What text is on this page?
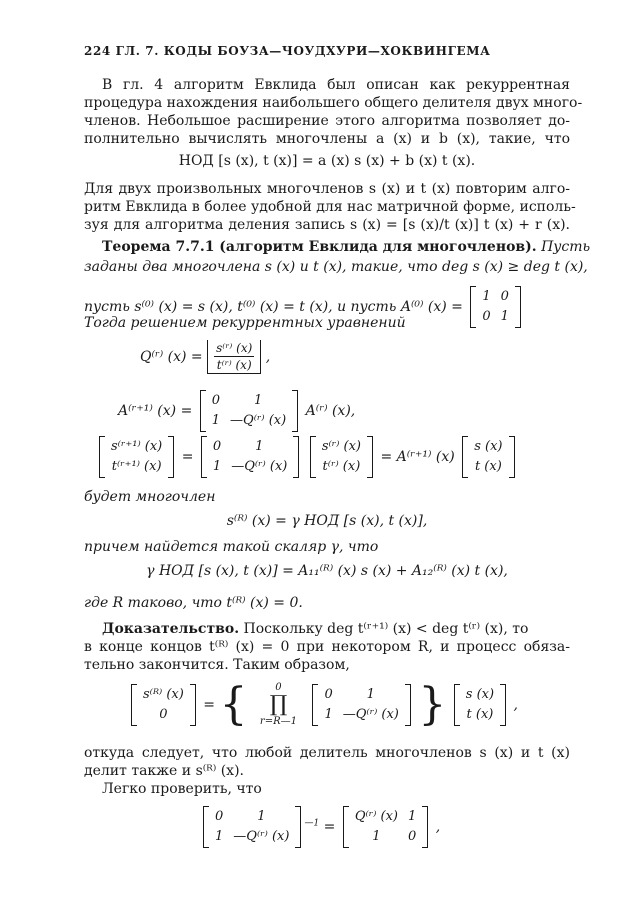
224 ГЛ. 7. КОДЫ БОУЗА—ЧОУДХУРИ—ХОКВИНГЕМА
В гл. 4 алгоритм Евклида был описан как рекуррентная
процедура нахождения наибольшего общего делителя двух много-
членов. Небольшое расширение этого алгоритма позволяет до-
полнительно вычислять многочлены a (x) и b (x), такие, что
НОД [s (x), t (x)] = a (x) s (x) + b (x) t (x).
Для двух произвольных многочленов s (x) и t (x) повторим алго-
ритм Евклида в более удобной для нас матричной форме, исполь-
зуя для алгоритма деления запись s (x) = [s (x)/t (x)] t (x) + r (x).
Теорема 7.7.1 (алгоритм Евклида для многочленов). Пусть
заданы два многочлена s (x) и t (x), такие, что deg s (x) ≥ deg t (x),
пусть s⁽⁰⁾ (x) = s (x), t⁽⁰⁾ (x) = t (x), и пусть A⁽⁰⁾ (x) =
1	0
0	1
Тогда решением рекуррентных уравнений
Q⁽ʳ⁾ $(x) = \frac{\text{s⁽ʳ⁾ (x)}}{\text{t⁽ʳ⁾ (x)}}$ ,
A⁽ʳ⁺¹⁾ (x) =
0	1
1	—Q⁽ʳ⁾ (x)
A⁽ʳ⁾ (x),
s⁽ʳ⁺¹⁾ (x)
t⁽ʳ⁺¹⁾ (x)
=
0	1
1	—Q⁽ʳ⁾ (x)

s⁽ʳ⁾ (x)
t⁽ʳ⁾ (x)
= A⁽ʳ⁺¹⁾ (x)
s (x)
t (x)
будет многочлен
s⁽ᴿ⁾ (x) = γ НОД [s (x), t (x)],
причем найдется такой скаляр γ, что
γ НОД [s (x), t (x)] = A₁₁⁽ᴿ⁾ (x) s (x) + A₁₂⁽ᴿ⁾ (x) t (x),
где R таково, что t⁽ᴿ⁾ (x) = 0.
Доказательство. Поскольку deg t⁽ʳ⁺¹⁾ (x) < deg t⁽ʳ⁾ (x), то
в конце концов t⁽ᴿ⁾ (x) = 0 при некотором R, и процесс обяза-
тельно закончится. Таким образом,
s⁽ᴿ⁾ (x)
0
= {	0
∏
r=R—1

0	1
1	—Q⁽ʳ⁾ (x) } s (x)
t (x)
,
откуда следует, что любой делитель многочленов s (x) и t (x)
делит также и s⁽ᴿ⁾ (x).
Легко проверить, что
0	1
1	—Q⁽ʳ⁾ (x)
$^{—1}$ =
Q⁽ʳ⁾ (x)	1
1	0
,
